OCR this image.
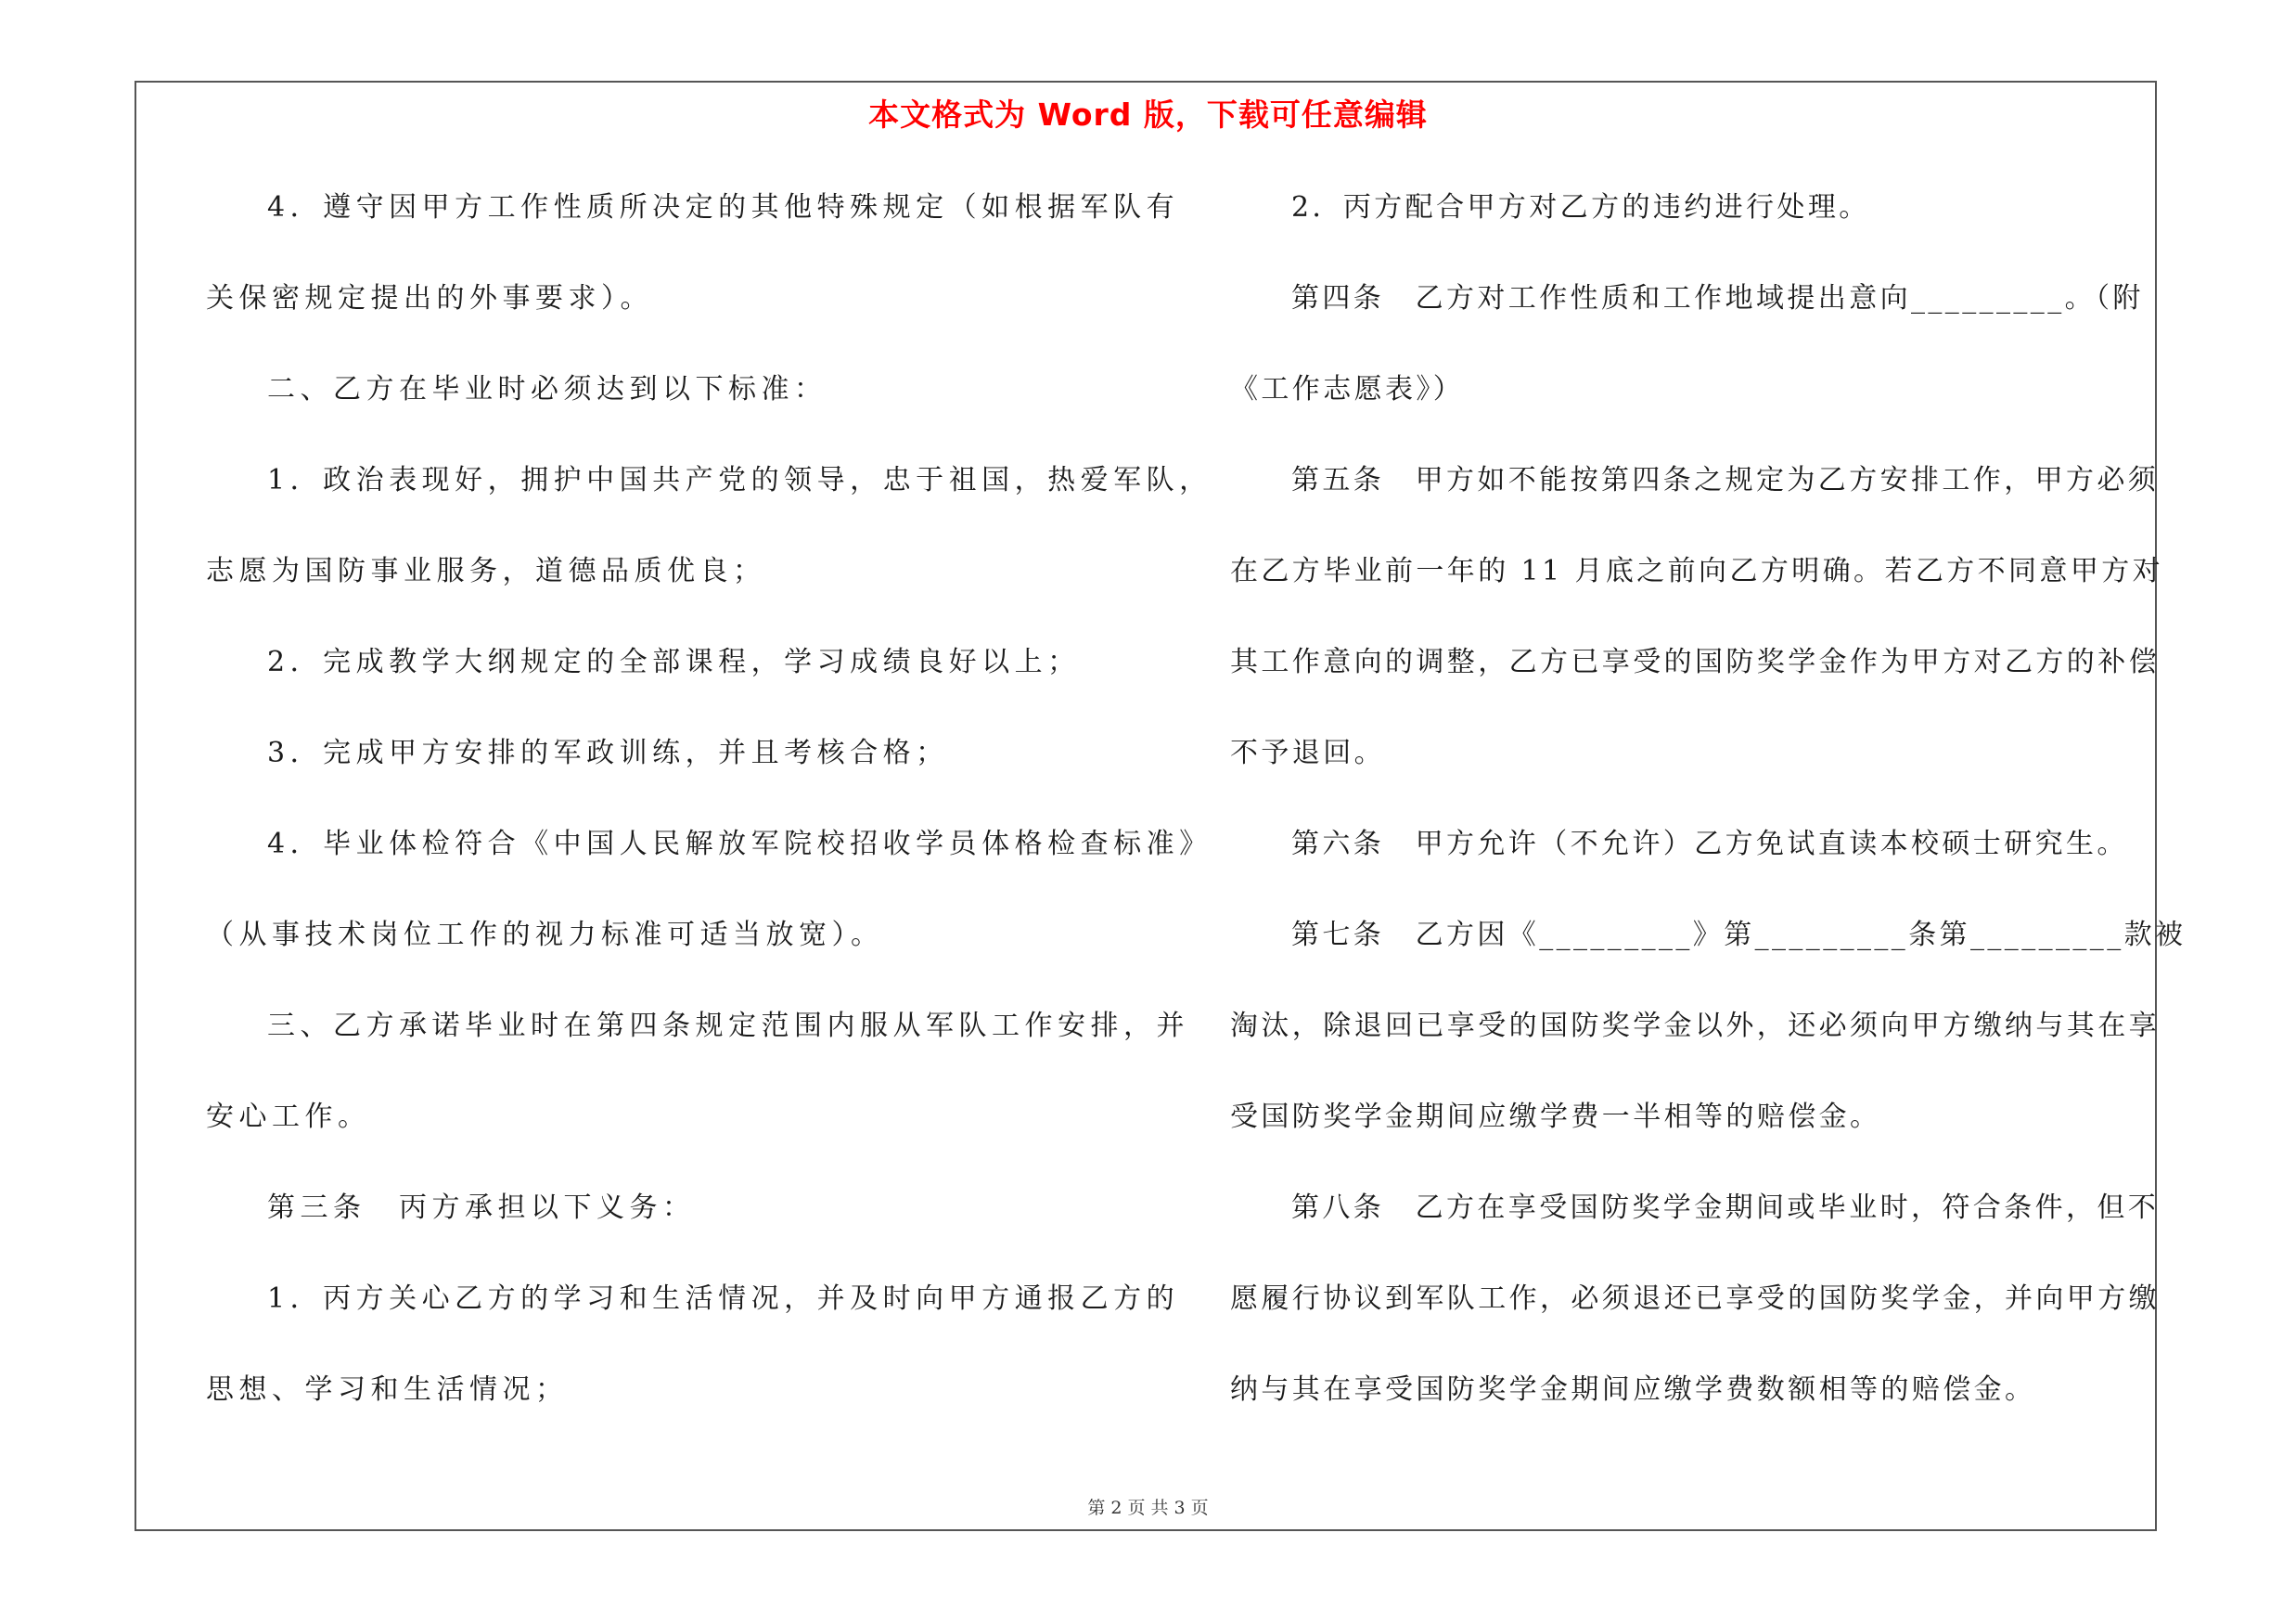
本文格式为 Word 版，下载可任意编辑
4．遵守因甲方工作性质所决定的其他特殊规定（如根据军队有
关保密规定提出的外事要求）。
二、乙方在毕业时必须达到以下标准：
1．政治表现好，拥护中国共产党的领导，忠于祖国，热爱军队，
志愿为国防事业服务，道德品质优良；
2．完成教学大纲规定的全部课程，学习成绩良好以上；
3．完成甲方安排的军政训练，并且考核合格；
4．毕业体检符合《中国人民解放军院校招收学员体格检查标准》
（从事技术岗位工作的视力标准可适当放宽）。
三、乙方承诺毕业时在第四条规定范围内服从军队工作安排，并
安心工作。
第三条　丙方承担以下义务：
1．丙方关心乙方的学习和生活情况，并及时向甲方通报乙方的
思想、学习和生活情况；
2．丙方配合甲方对乙方的违约进行处理。
第四条　乙方对工作性质和工作地域提出意向_________。（附
《工作志愿表》）
第五条　甲方如不能按第四条之规定为乙方安排工作，甲方必须
在乙方毕业前一年的 11 月底之前向乙方明确。若乙方不同意甲方对
其工作意向的调整，乙方已享受的国防奖学金作为甲方对乙方的补偿
不予退回。
第六条　甲方允许（不允许）乙方免试直读本校硕士研究生。
第七条　乙方因《_________》第_________条第_________款被
淘汰，除退回已享受的国防奖学金以外，还必须向甲方缴纳与其在享
受国防奖学金期间应缴学费一半相等的赔偿金。
第八条　乙方在享受国防奖学金期间或毕业时，符合条件，但不
愿履行协议到军队工作，必须退还已享受的国防奖学金，并向甲方缴
纳与其在享受国防奖学金期间应缴学费数额相等的赔偿金。
第 2 页 共 3 页
